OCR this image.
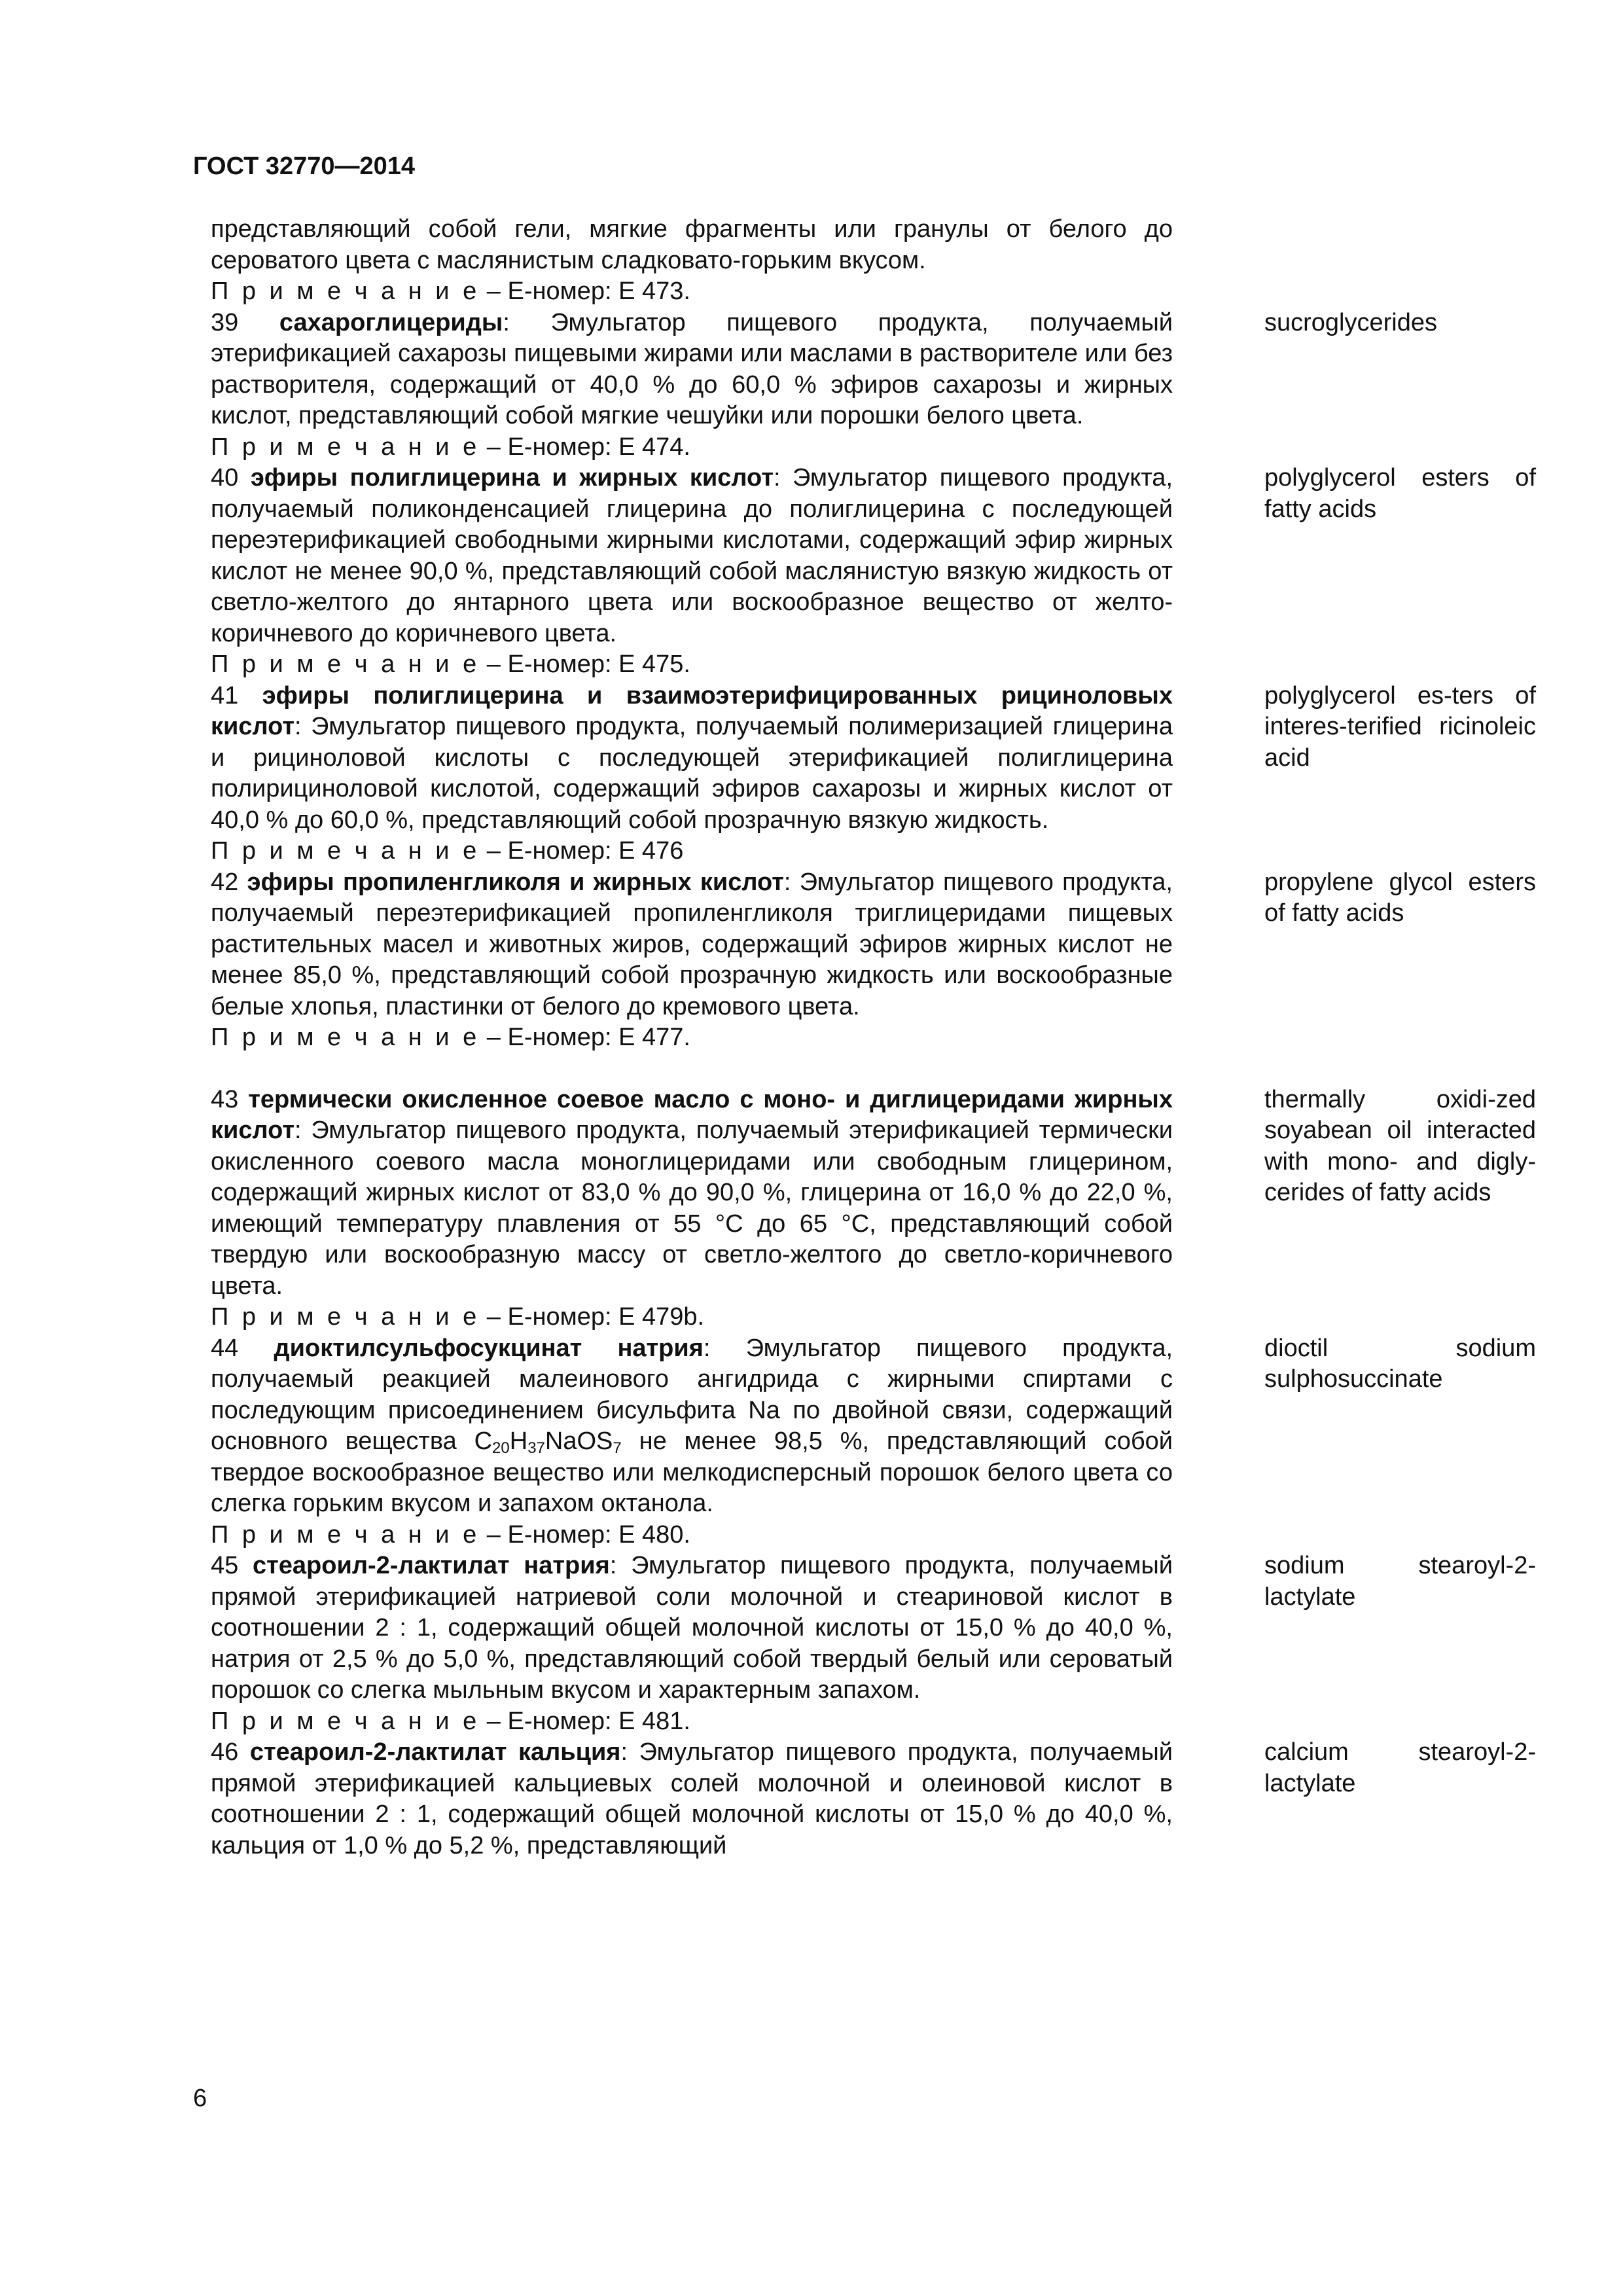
ГОСТ 32770—2014
представляющий собой гели, мягкие фрагменты или гранулы от белого до сероватого цвета с маслянистым сладковато-горьким вкусом.
П р и м е ч а н и е – Е-номер: Е 473.
39 сахароглицериды: Эмульгатор пищевого продукта, получаемый этерификацией сахарозы пищевыми жирами или маслами в растворителе или без растворителя, содержащий от 40,0 % до 60,0 % эфиров сахарозы и жирных кислот, представляющий собой мягкие чешуйки или порошки белого цвета.
sucroglycerides
П р и м е ч а н и е – Е-номер: Е 474.
40 эфиры полиглицерина и жирных кислот: Эмульгатор пищевого продукта, получаемый поликонденсацией глицерина до полиглицерина с последующей переэтерификацией свободными жирными кислотами, содержащий эфир жирных кислот не менее 90,0 %, представляющий собой маслянистую вязкую жидкость от светло-желтого до янтарного цвета или воскообразное вещество от желто-коричневого до коричневого цвета.
polyglycerol esters of fatty acids
П р и м е ч а н и е – Е-номер: Е 475.
41 эфиры полиглицерина и взаимоэтерифицированных рициноловых кислот: Эмульгатор пищевого продукта, получаемый полимеризацией глицерина и рициноловой кислоты с последующей этерификацией полиглицерина полирициноловой кислотой, содержащий эфиров сахарозы и жирных кислот от 40,0 % до 60,0 %, представляющий собой прозрачную вязкую жидкость.
polyglycerol es-ters of interes-terified ricinoleic acid
П р и м е ч а н и е – Е-номер: Е 476
42 эфиры пропиленгликоля и жирных кислот: Эмульгатор пищевого продукта, получаемый переэтерификацией пропиленгликоля триглицеридами пищевых растительных масел и животных жиров, содержащий эфиров жирных кислот не менее 85,0 %, представляющий собой прозрачную жидкость или воскообразные белые хлопья, пластинки от белого до кремового цвета.
propylene glycol esters of fatty acids
П р и м е ч а н и е – Е-номер: Е 477.
43 термически окисленное соевое масло с моно- и диглицеридами жирных кислот: Эмульгатор пищевого продукта, получаемый этерификацией термически окисленного соевого масла моноглицеридами или свободным глицерином, содержащий жирных кислот от 83,0 % до 90,0 %, глицерина от 16,0 % до 22,0 %, имеющий температуру плавления от 55 °С до 65 °С, представляющий собой твердую или воскообразную массу от светло-желтого до светло-коричневого цвета.
thermally oxidi-zed soyabean oil interacted with mono- and digly-cerides of fatty acids
П р и м е ч а н и е – Е-номер: Е 479b.
44 диоктилсульфосукцинат натрия: Эмульгатор пищевого продукта, получаемый реакцией малеинового ангидрида с жирными спиртами с последующим присоединением бисульфита Na по двойной связи, содержащий основного вещества $C_{20}H_{37}NaOS_7$ не менее 98,5 %, представляющий собой твердое воскообразное вещество или мелкодисперсный порошок белого цвета со слегка горьким вкусом и запахом октанола.
dioctil sodium sulphosuccinate
П р и м е ч а н и е – Е-номер: Е 480.
45 стеароил-2-лактилат натрия: Эмульгатор пищевого продукта, получаемый прямой этерификацией натриевой соли молочной и стеариновой кислот в соотношении 2 : 1, содержащий общей молочной кислоты от 15,0 % до 40,0 %, натрия от 2,5 % до 5,0 %, представляющий собой твердый белый или сероватый порошок со слегка мыльным вкусом и характерным запахом.
sodium stearoyl-2-lactylate
П р и м е ч а н и е – Е-номер: Е 481.
46 стеароил-2-лактилат кальция: Эмульгатор пищевого продукта, получаемый прямой этерификацией кальциевых солей молочной и олеиновой кислот в соотношении 2 : 1, содержащий общей молочной кислоты от 15,0 % до 40,0 %, кальция от 1,0 % до 5,2 %, представляющий
calcium stearoyl-2-lactylate
6
